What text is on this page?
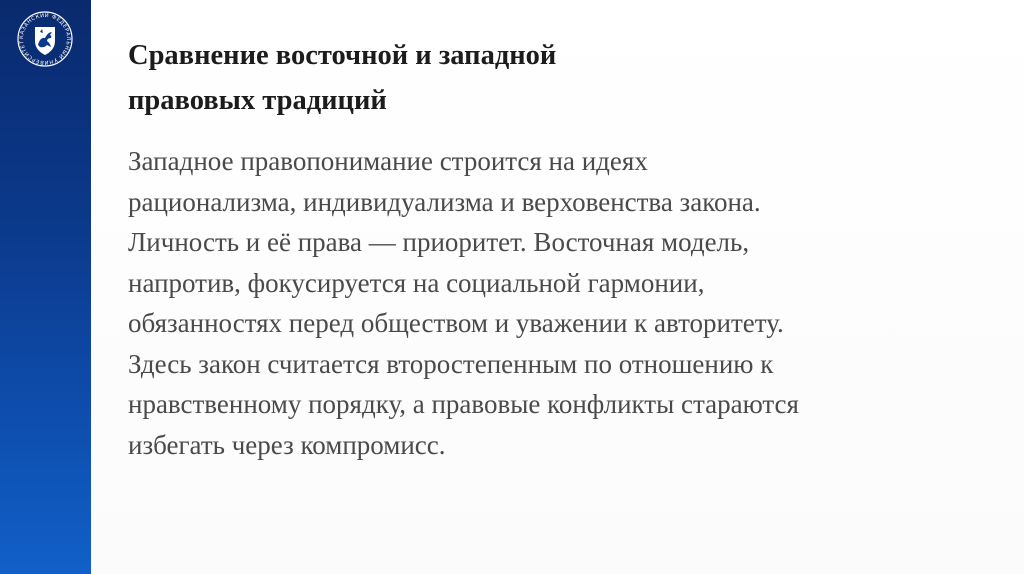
КАЗАНСКИЙ ФЕДЕРАЛЬНЫЙ УНИВЕРСИТЕТ	Сравнение восточной и западной
правовых традиций
Западное правопонимание строится на идеях
рационализма, индивидуализма и верховенства закона.
Личность и её права — приоритет. Восточная модель,
напротив, фокусируется на социальной гармонии,
обязанностях перед обществом и уважении к авторитету.
Здесь закон считается второстепенным по отношению к
нравственному порядку, а правовые конфликты стараются
избегать через компромисс.
